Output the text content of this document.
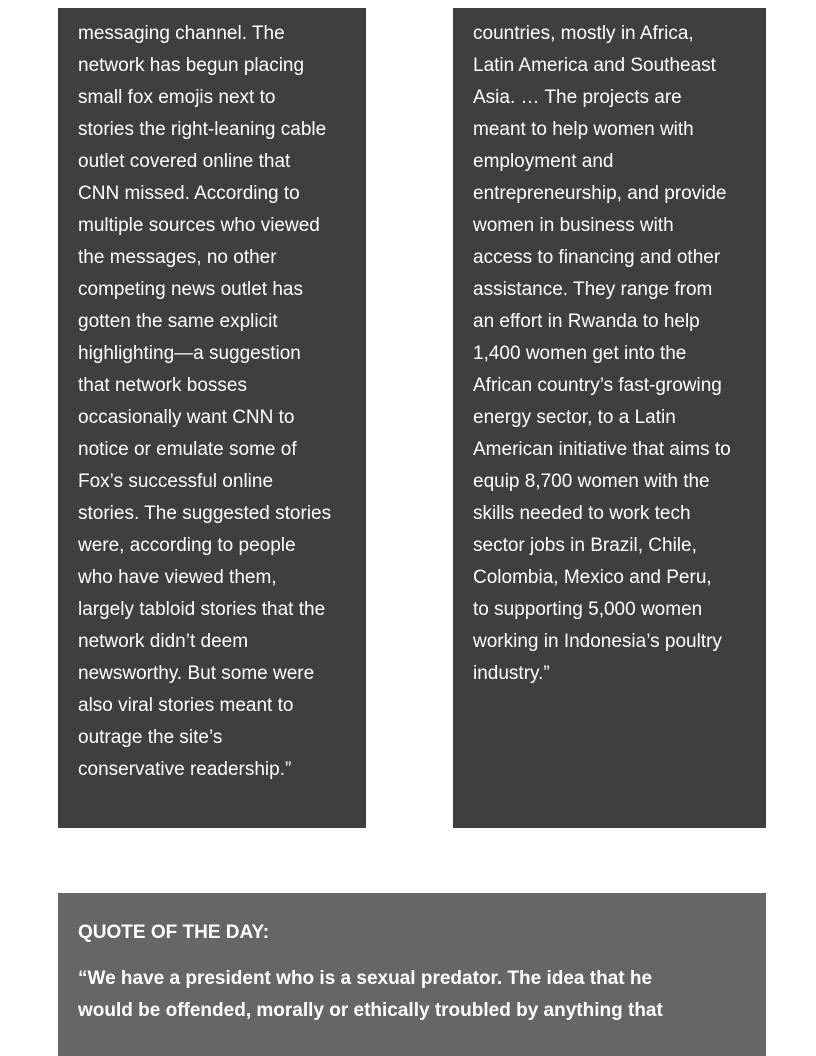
messaging channel. The
network has begun placing
small fox emojis next to
stories the right-leaning cable
outlet covered online that
CNN missed. According to
multiple sources who viewed
the messages, no other
competing news outlet has
gotten the same explicit
highlighting—a suggestion
that network bosses
occasionally want CNN to
notice or emulate some of
Fox’s successful online
stories. The suggested stories
were, according to people
who have viewed them,
largely tabloid stories that the
network didn’t deem
newsworthy. But some were
also viral stories meant to
outrage the site’s
conservative readership.”

countries, mostly in Africa,
Latin America and Southeast
Asia. … The projects are
meant to help women with
employment and
entrepreneurship, and provide
women in business with
access to financing and other
assistance. They range from
an effort in Rwanda to help
1,400 women get into the
African country’s fast-growing
energy sector, to a Latin
American initiative that aims to
equip 8,700 women with the
skills needed to work tech
sector jobs in Brazil, Chile,
Colombia, Mexico and Peru,
to supporting 5,000 women
working in Indonesia’s poultry
industry.”

QUOTE OF THE DAY:

“We have a president who is a sexual predator. The idea that he
would be offended, morally or ethically troubled by anything that
